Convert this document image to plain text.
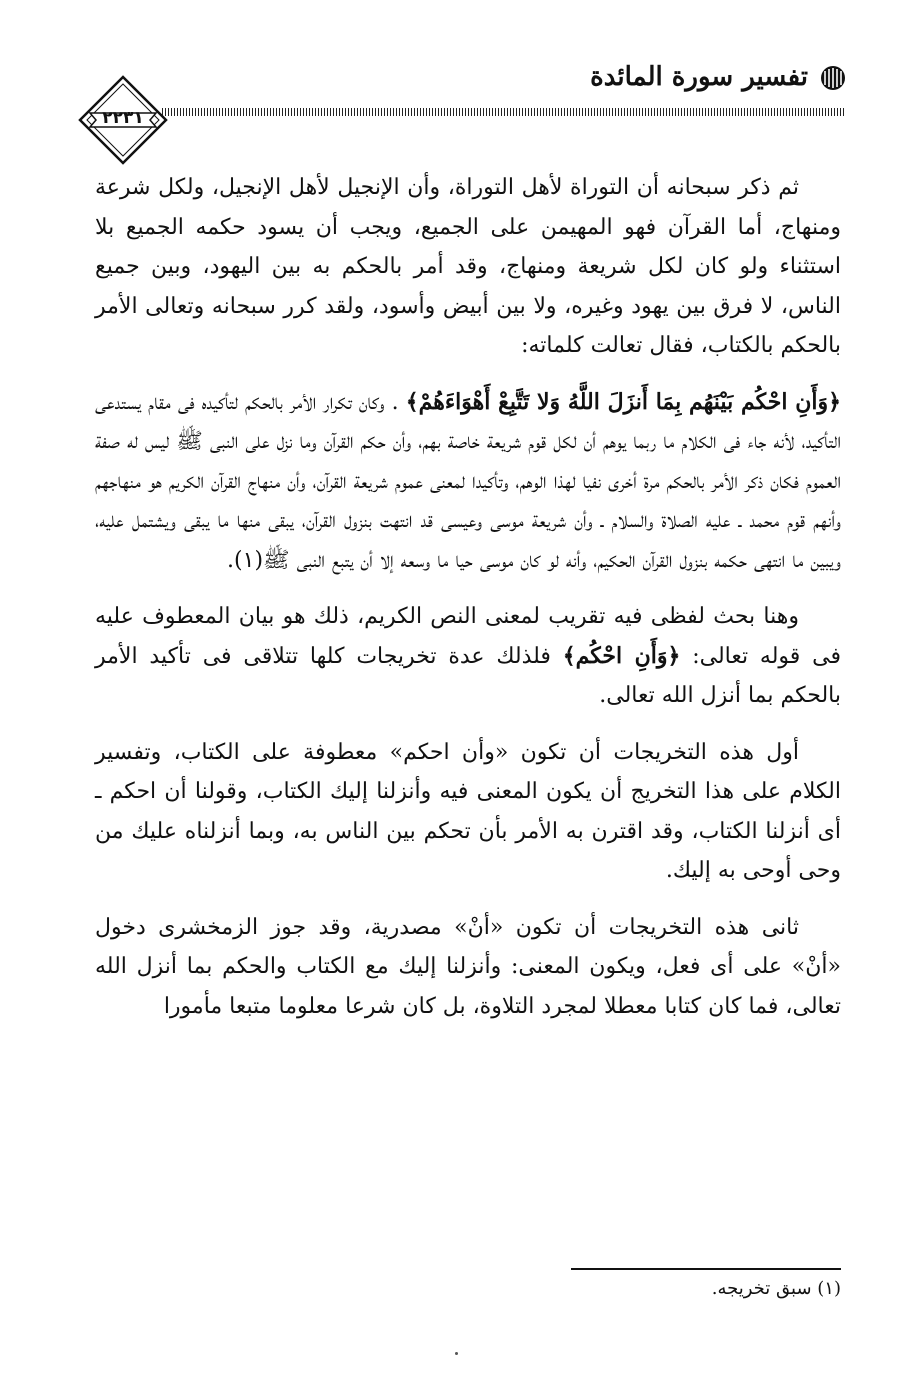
تفسير سورة المائدة
٢٢٣١

ثم ذكر سبحانه أن التوراة لأهل التوراة، وأن الإنجيل لأهل الإنجيل، ولكل شرعة ومنهاج، أما القرآن فهو المهيمن على الجميع، ويجب أن يسود حكمه الجميع بلا استثناء ولو كان لكل شريعة ومنهاج، وقد أمر بالحكم به بين اليهود، وبين جميع الناس، لا فرق بين يهود وغيره، ولا بين أبيض وأسود، ولقد كرر سبحانه وتعالى الأمر بالحكم بالكتاب، فقال تعالت كلماته:

﴿وَأَنِ احْكُم بَيْنَهُم بِمَا أَنزَلَ اللَّهُ وَلا تَتَّبِعْ أَهْوَاءَهُمْ﴾ . وكان تكرار الأمر بالحكم لتأكيده فى مقام يستدعى التأكيد، لأنه جاء فى الكلام ما ربما يوهم أن لكل قوم شريعة خاصة بهم، وأن حكم القرآن وما نزل على النبى ﷺ ليس له صفة العموم فكان ذكر الأمر بالحكم مرة أخرى نفيا لهذا الوهم، وتأكيدا لمعنى عموم شريعة القرآن، وأن منهاج القرآن الكريم هو منهاجهم وأنهم قوم محمد ـ عليه الصلاة والسلام ـ وأن شريعة موسى وعيسى قد انتهت بنزول القرآن، يبقى منها ما يبقى ويشتمل عليه، ويبين ما انتهى حكمه بنزول القرآن الحكيم، وأنه لو كان موسى حيا ما وسعه إلا أن يتبع النبى ﷺ(١).

وهنا بحث لفظى فيه تقريب لمعنى النص الكريم، ذلك هو بيان المعطوف عليه فى قوله تعالى: ﴿وَأَنِ احْكُم﴾ فلذلك عدة تخريجات كلها تتلاقى فى تأكيد الأمر بالحكم بما أنزل الله تعالى.

أول هذه التخريجات أن تكون «وأن احكم» معطوفة على الكتاب، وتفسير الكلام على هذا التخريج أن يكون المعنى فيه وأنزلنا إليك الكتاب، وقولنا أن احكم ـ أى أنزلنا الكتاب، وقد اقترن به الأمر بأن تحكم بين الناس به، وبما أنزلناه عليك من وحى أوحى به إليك.

ثانى هذه التخريجات أن تكون «أنْ» مصدرية، وقد جوز الزمخشرى دخول «أنْ» على أى فعل، ويكون المعنى: وأنزلنا إليك مع الكتاب والحكم بما أنزل الله تعالى، فما كان كتابا معطلا لمجرد التلاوة، بل كان شرعا معلوما متبعا مأمورا

(١) سبق تخريجه.
